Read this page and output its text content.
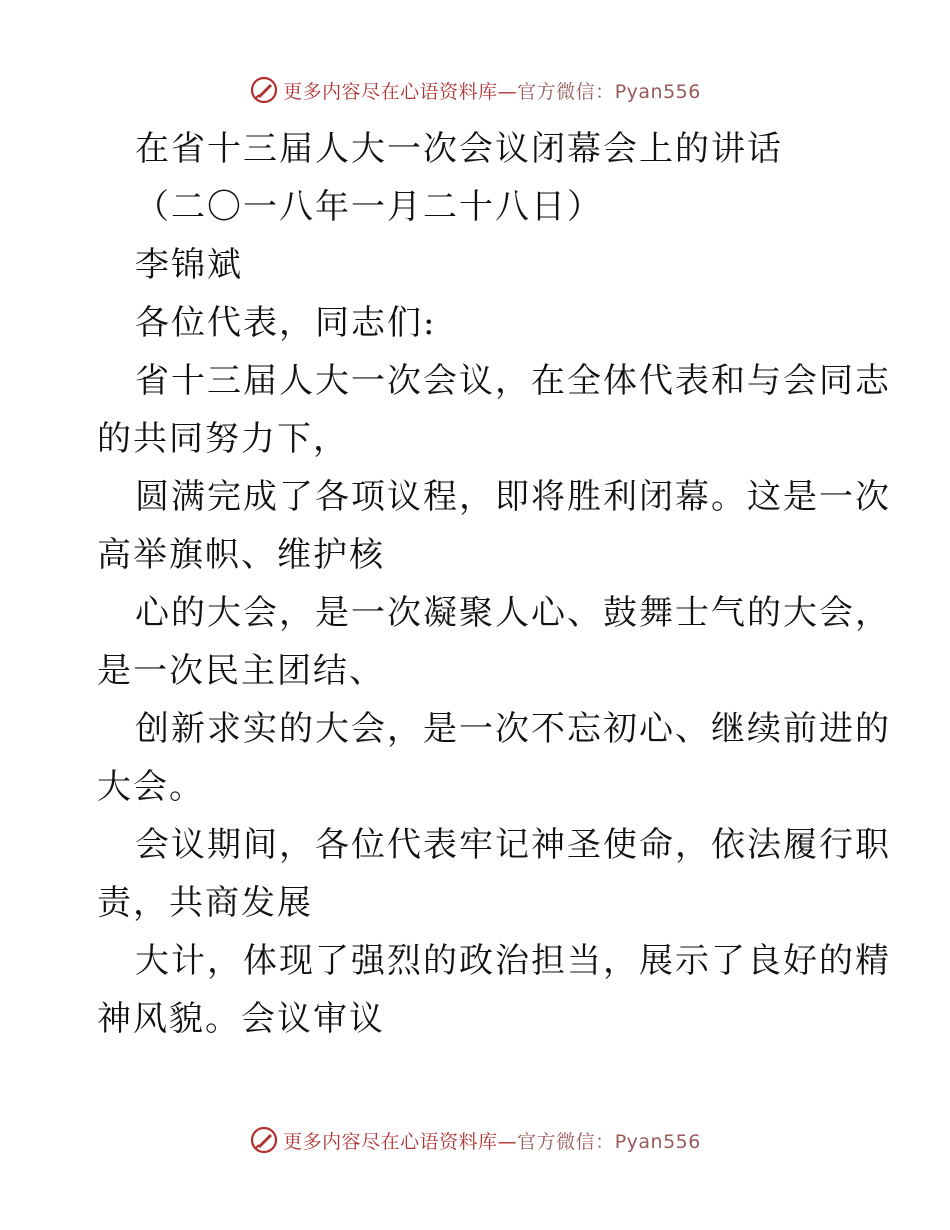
更多内容尽在心语资料库—官方微信：Pyan556
在省十三届人大一次会议闭幕会上的讲话
（二〇一八年一月二十八日）
李锦斌
各位代表，同志们:
省十三届人大一次会议，在全体代表和与会同志
的共同努力下，
圆满完成了各项议程，即将胜利闭幕。这是一次
高举旗帜、维护核
心的大会，是一次凝聚人心、鼓舞士气的大会，
是一次民主团结、
创新求实的大会，是一次不忘初心、继续前进的
大会。
会议期间，各位代表牢记神圣使命，依法履行职
责，共商发展
大计，体现了强烈的政治担当，展示了良好的精
神风貌。会议审议
更多内容尽在心语资料库—官方微信：Pyan556
